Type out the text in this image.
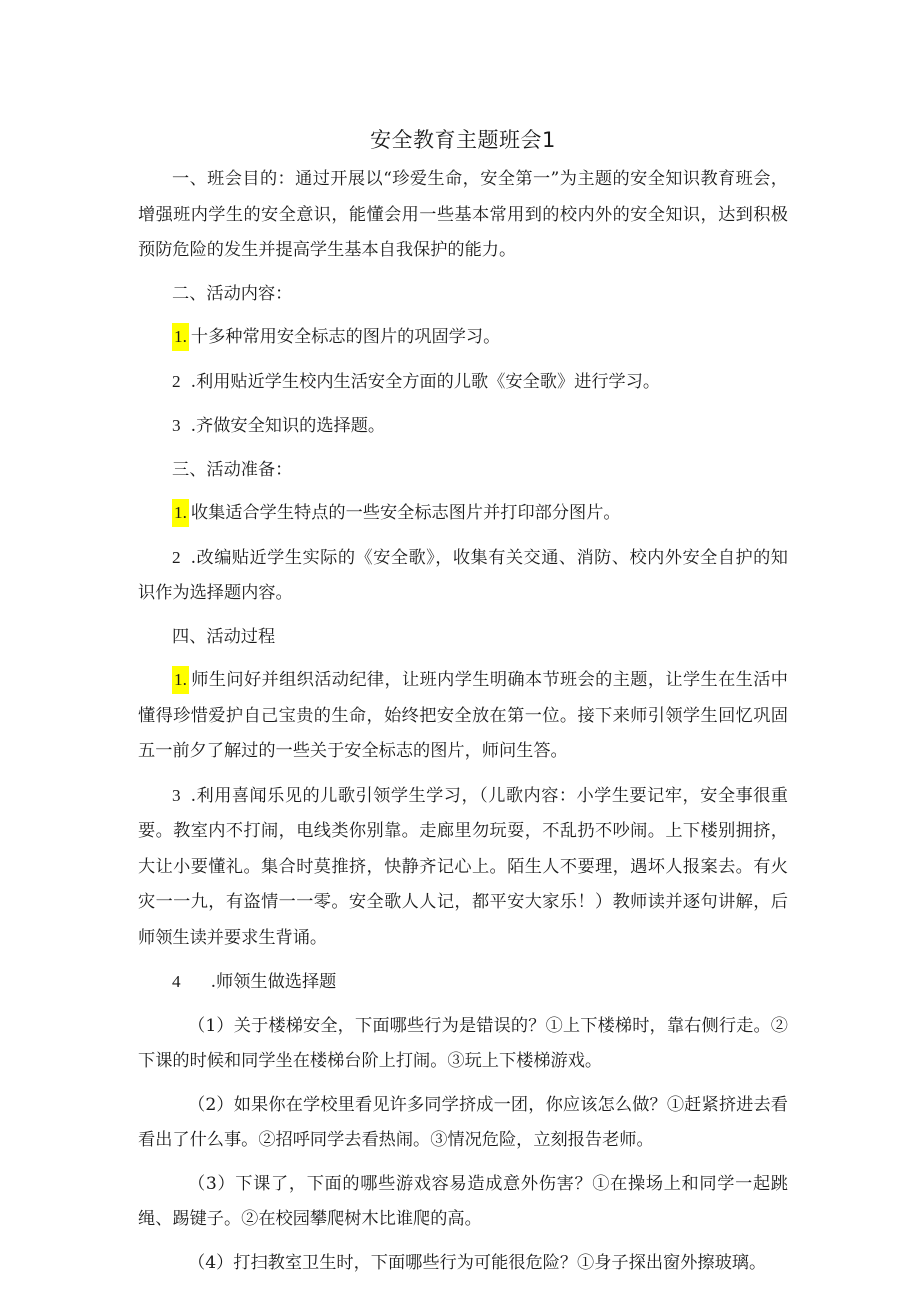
安全教育主题班会1

一、班会目的：通过开展以“珍爱生命，安全第一”为主题的安全知识教育班会，增强班内学生的安全意识，能懂会用一些基本常用到的校内外的安全知识，达到积极预防危险的发生并提高学生基本自我保护的能力。

二、活动内容：

1. 十多种常用安全标志的图片的巩固学习。

2 .利用贴近学生校内生活安全方面的儿歌《安全歌》进行学习。

3 .齐做安全知识的选择题。

三、活动准备：

1. 收集适合学生特点的一些安全标志图片并打印部分图片。

2 .改编贴近学生实际的《安全歌》，收集有关交通、消防、校内外安全自护的知识作为选择题内容。

四、活动过程

1. 师生问好并组织活动纪律，让班内学生明确本节班会的主题，让学生在生活中懂得珍惜爱护自己宝贵的生命，始终把安全放在第一位。接下来师引领学生回忆巩固五一前夕了解过的一些关于安全标志的图片，师问生答。

3 .利用喜闻乐见的儿歌引领学生学习，（儿歌内容：小学生要记牢，安全事很重要。教室内不打闹，电线类你别靠。走廊里勿玩耍，不乱扔不吵闹。上下楼别拥挤，大让小要懂礼。集合时莫推挤，快静齐记心上。陌生人不要理，遇坏人报案去。有火灾一一九，有盗情一一零。安全歌人人记，都平安大家乐！）教师读并逐句讲解，后师领生读并要求生背诵。

4 .师领生做选择题

（1）关于楼梯安全，下面哪些行为是错误的？①上下楼梯时，靠右侧行走。②下课的时候和同学坐在楼梯台阶上打闹。③玩上下楼梯游戏。

（2）如果你在学校里看见许多同学挤成一团，你应该怎么做？①赶紧挤进去看看出了什么事。②招呼同学去看热闹。③情况危险，立刻报告老师。

（3）下课了，下面的哪些游戏容易造成意外伤害？①在操场上和同学一起跳绳、踢键子。②在校园攀爬树木比谁爬的高。

（4）打扫教室卫生时，下面哪些行为可能很危险？①身子探出窗外擦玻璃。
